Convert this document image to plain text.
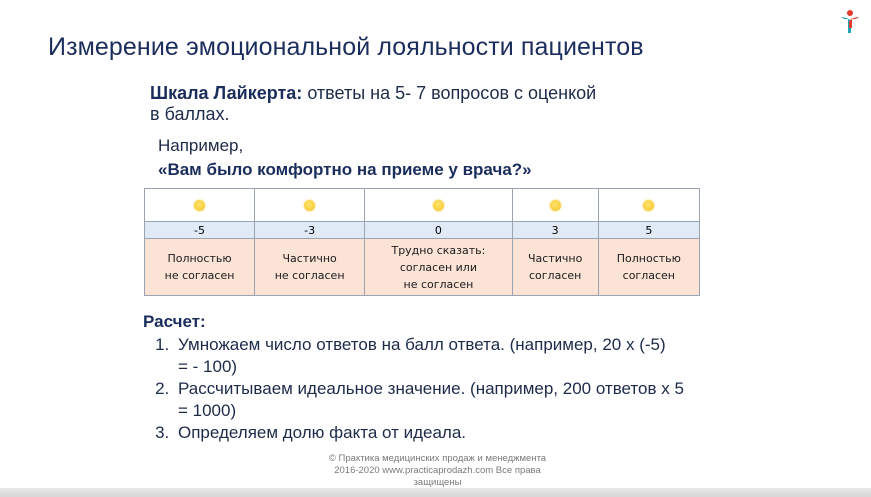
Измерение эмоциональной лояльности пациентов
Шкала Лайкерта: ответы на 5- 7 вопросов с оценкой
в баллах.
Например,
«Вам было комфортно на приеме у врача?»

-5	-3	0	3	5
Полностью
не согласен	Частично
не согласен	Трудно сказать:
согласен или
не согласен	Частично
согласен	Полностью
согласен
Расчет:
1. Умножаем число ответов на балл ответа. (например, 20 х (-5)
= - 100)
2. Рассчитываем идеальное значение. (например, 200 ответов х 5
= 1000)
3. Определяем долю факта от идеала.
© Практика медицинских продаж и менеджмента
2016-2020 www.practicaprodazh.com Все права
защищены
